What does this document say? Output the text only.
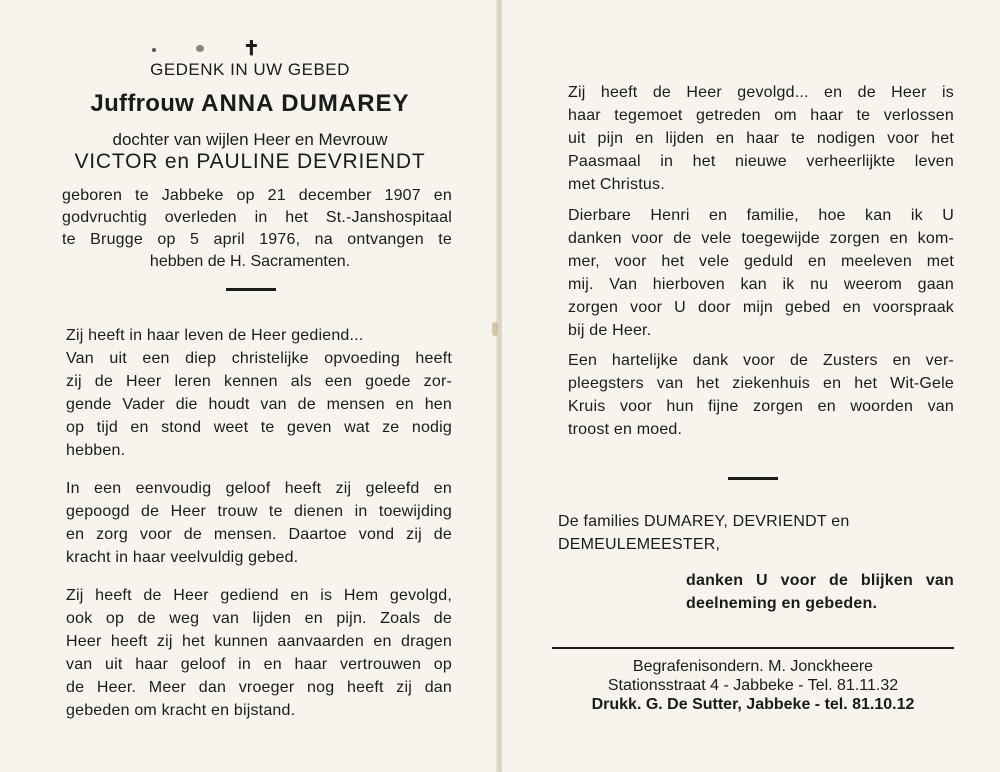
✝
GEDENK IN UW GEBED
Juffrouw ANNA DUMAREY
dochter van wijlen Heer en Mevrouw
VICTOR en PAULINE DEVRIENDT
geboren te Jabbeke op 21 december 1907 en
godvruchtig overleden in het St.-Janshospitaal
te Brugge op 5 april 1976, na ontvangen te
hebben de H. Sacramenten.
Zij heeft in haar leven de Heer gediend...
Van uit een diep christelijke opvoeding heeft
zij de Heer leren kennen als een goede zor-
gende Vader die houdt van de mensen en hen
op tijd en stond weet te geven wat ze nodig
hebben.
In een eenvoudig geloof heeft zij geleefd en
gepoogd de Heer trouw te dienen in toewijding
en zorg voor de mensen. Daartoe vond zij de
kracht in haar veelvuldig gebed.
Zij heeft de Heer gediend en is Hem gevolgd,
ook op de weg van lijden en pijn. Zoals de
Heer heeft zij het kunnen aanvaarden en dragen
van uit haar geloof in en haar vertrouwen op
de Heer. Meer dan vroeger nog heeft zij dan
gebeden om kracht en bijstand.
Zij heeft de Heer gevolgd... en de Heer is
haar tegemoet getreden om haar te verlossen
uit pijn en lijden en haar te nodigen voor het
Paasmaal in het nieuwe verheerlijkte leven
met Christus.
Dierbare Henri en familie, hoe kan ik U
danken voor de vele toegewijde zorgen en kom-
mer, voor het vele geduld en meeleven met
mij. Van hierboven kan ik nu weerom gaan
zorgen voor U door mijn gebed en voorspraak
bij de Heer.
Een hartelijke dank voor de Zusters en ver-
pleegsters van het ziekenhuis en het Wit-Gele
Kruis voor hun fijne zorgen en woorden van
troost en moed.
De families DUMAREY, DEVRIENDT en
DEMEULEMEESTER,
danken U voor de blijken van
deelneming en gebeden.
Begrafenisondern. M. Jonckheere
Stationsstraat 4 - Jabbeke - Tel. 81.11.32
Drukk. G. De Sutter, Jabbeke - tel. 81.10.12
